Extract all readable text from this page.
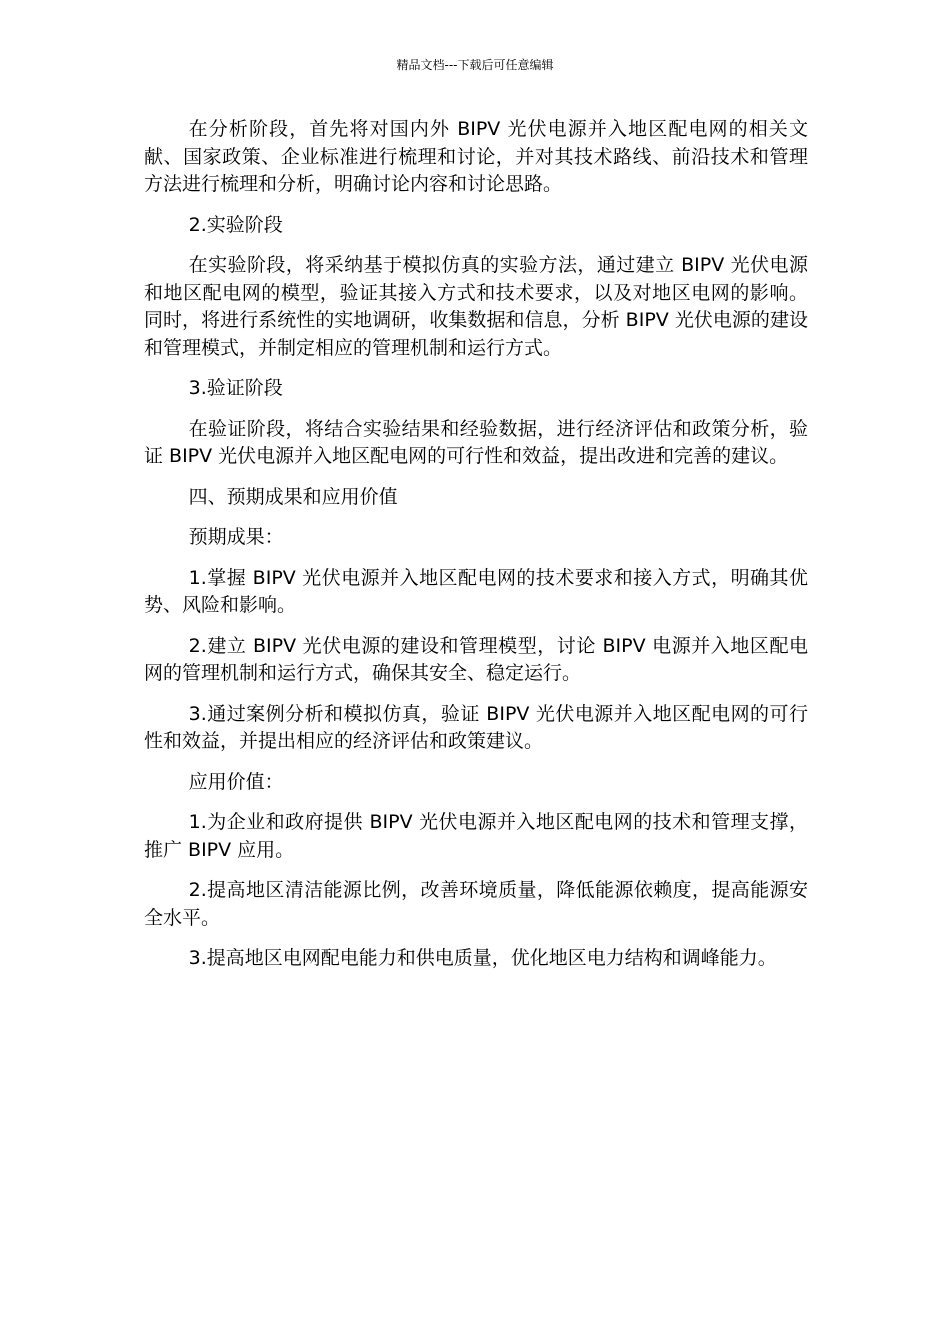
精品文档---下载后可任意编辑

在分析阶段，首先将对国内外 BIPV 光伏电源并入地区配电网的相关文献、国家政策、企业标准进行梳理和讨论，并对其技术路线、前沿技术和管理方法进行梳理和分析，明确讨论内容和讨论思路。

2.实验阶段

在实验阶段，将采纳基于模拟仿真的实验方法，通过建立 BIPV 光伏电源和地区配电网的模型，验证其接入方式和技术要求，以及对地区电网的影响。同时，将进行系统性的实地调研，收集数据和信息，分析 BIPV 光伏电源的建设和管理模式，并制定相应的管理机制和运行方式。

3.验证阶段

在验证阶段，将结合实验结果和经验数据，进行经济评估和政策分析，验证 BIPV 光伏电源并入地区配电网的可行性和效益，提出改进和完善的建议。

四、预期成果和应用价值

预期成果：

1.掌握 BIPV 光伏电源并入地区配电网的技术要求和接入方式，明确其优势、风险和影响。

2.建立 BIPV 光伏电源的建设和管理模型，讨论 BIPV 电源并入地区配电网的管理机制和运行方式，确保其安全、稳定运行。

3.通过案例分析和模拟仿真，验证 BIPV 光伏电源并入地区配电网的可行性和效益，并提出相应的经济评估和政策建议。

应用价值：

1.为企业和政府提供 BIPV 光伏电源并入地区配电网的技术和管理支撑，推广 BIPV 应用。

2.提高地区清洁能源比例，改善环境质量，降低能源依赖度，提高能源安全水平。

3.提高地区电网配电能力和供电质量，优化地区电力结构和调峰能力。
